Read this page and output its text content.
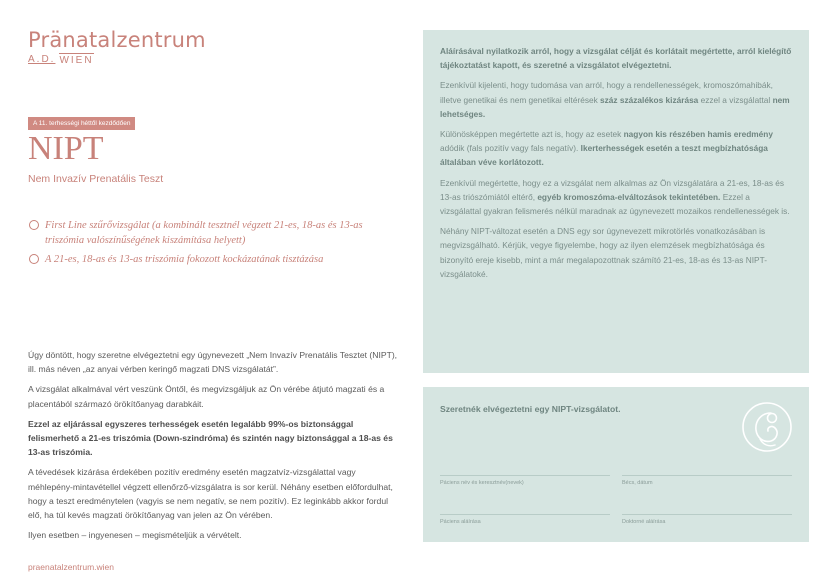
Pränatalzentrum
A.D. WIEN
A 11. terhességi héttől kezdődően
NIPT
Nem Invazív Prenatális Teszt
First Line szűrővizsgálat (a kombinált tesztnél végzett 21-es, 18-as és 13-as triszómia valószínűségének kiszámítása helyett)
A 21-es, 18-as és 13-as triszómia fokozott kockázatának tisztázása

Úgy döntött, hogy szeretne elvégeztetni egy úgynevezett „Nem Invazív Prenatális Tesztet (NIPT), ill. más néven „az anyai vérben keringő magzati DNS vizsgálatát”.

A vizsgálat alkalmával vért veszünk Öntől, és megvizsgáljuk az Ön vérébe átjutó magzati és a placentából származó örökítőanyag darabkáit.

Ezzel az eljárással egyszeres terhességek esetén legalább 99%-os biztonsággal felismerhető a 21-es triszómia (Down-szindróma) és szintén nagy biztonsággal a 18-as és 13-as triszómia.

A tévedések kizárása érdekében pozitív eredmény esetén magzatvíz-vizsgálattal vagy méhlepény-mintavétellel végzett ellenőrző-vizsgálatra is sor kerül. Néhány esetben előfordulhat, hogy a teszt eredménytelen (vagyis se nem negatív, se nem pozitív). Ez leginkább akkor fordul elő, ha túl kevés magzati örökítőanyag van jelen az Ön vérében.

Ilyen esetben – ingyenesen – megismételjük a vérvételt.

praenatalzentrum.wien

Aláírásával nyilatkozik arról, hogy a vizsgálat célját és korlátait megértette, arról kielégítő tájékoztatást kapott, és szeretné a vizsgálatot elvégeztetni.

Ezenkívül kijelenti, hogy tudomása van arról, hogy a rendellenességek, kromoszómahibák, illetve genetikai és nem genetikai eltérések száz százalékos kizárása ezzel a vizsgálattal nem lehetséges.

Különösképpen megértette azt is, hogy az esetek nagyon kis részében hamis eredmény adódik (fals pozitív vagy fals negatív). Ikerterhességek esetén a teszt megbízhatósága általában véve korlátozott.

Ezenkívül megértette, hogy ez a vizsgálat nem alkalmas az Ön vizsgálatára a 21-es, 18-as és 13-as triószómiától eltérő, egyéb kromoszóma-elváltozások tekintetében. Ezzel a vizsgálattal gyakran felismerés nélkül maradnak az úgynevezett mozaikos rendellenességek is.

Néhány NIPT-változat esetén a DNS egy sor úgynevezett mikrotörlés vonatkozásában is megvizsgálható. Kérjük, vegye figyelembe, hogy az ilyen elemzések megbízhatósága és bizonyító ereje kisebb, mint a már megalapozottnak számító 21-es, 18-as és 13-as NIPT-vizsgálatoké.

Szeretnék elvégeztetni egy NIPT-vizsgálatot.
Páciens név és keresztnév(nevek)	Bécs, dátum
Páciens aláírása	Doktorné aláírása
